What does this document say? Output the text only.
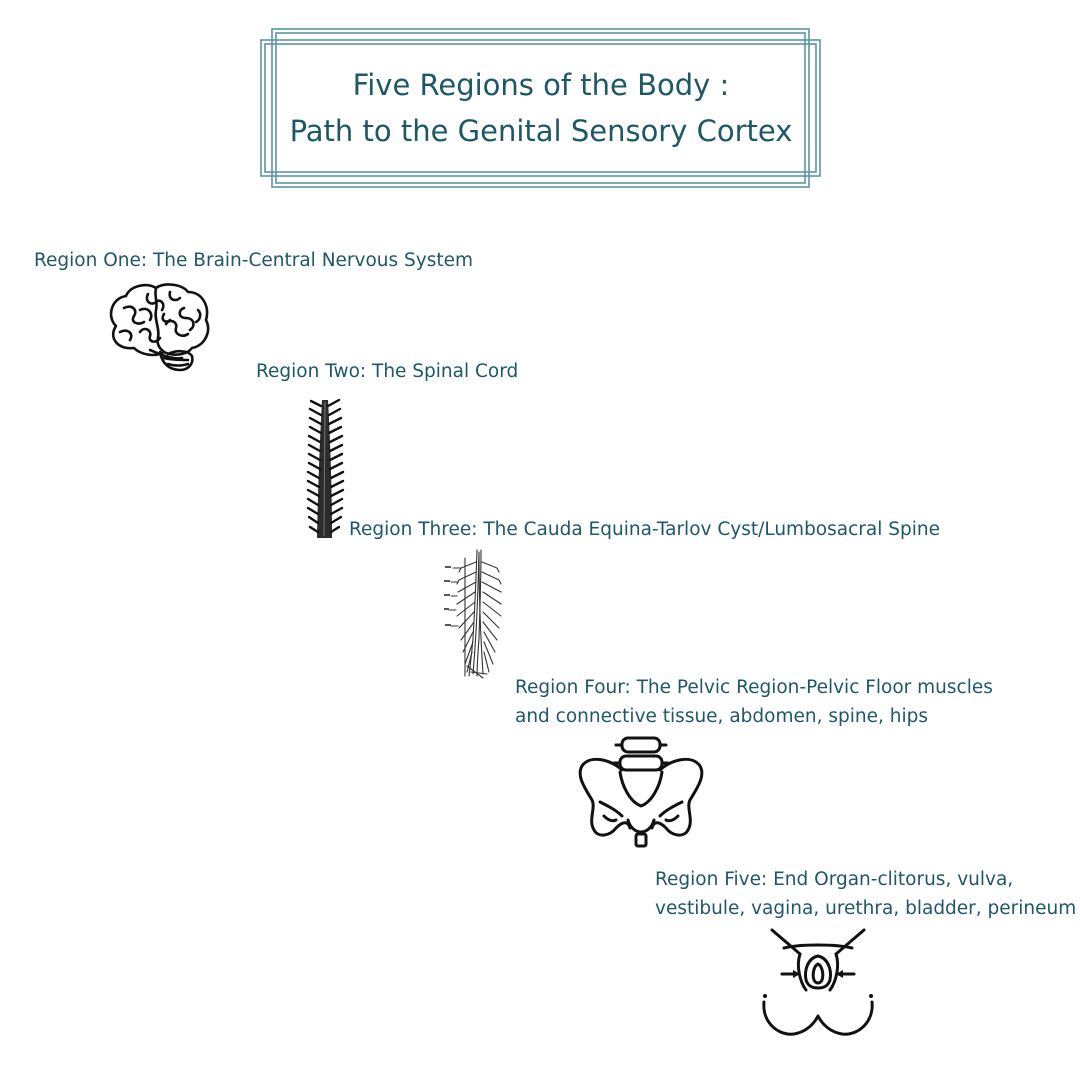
Five Regions of the Body :
Path to the Genital Sensory Cortex
Region One: The Brain-Central Nervous System
Region Two: The Spinal Cord
Region Three: The Cauda Equina-Tarlov Cyst/Lumbosacral Spine
Region Four: The Pelvic Region-Pelvic Floor muscles
and connective tissue, abdomen, spine, hips
Region Five: End Organ-clitorus, vulva,
vestibule, vagina, urethra, bladder, perineum
